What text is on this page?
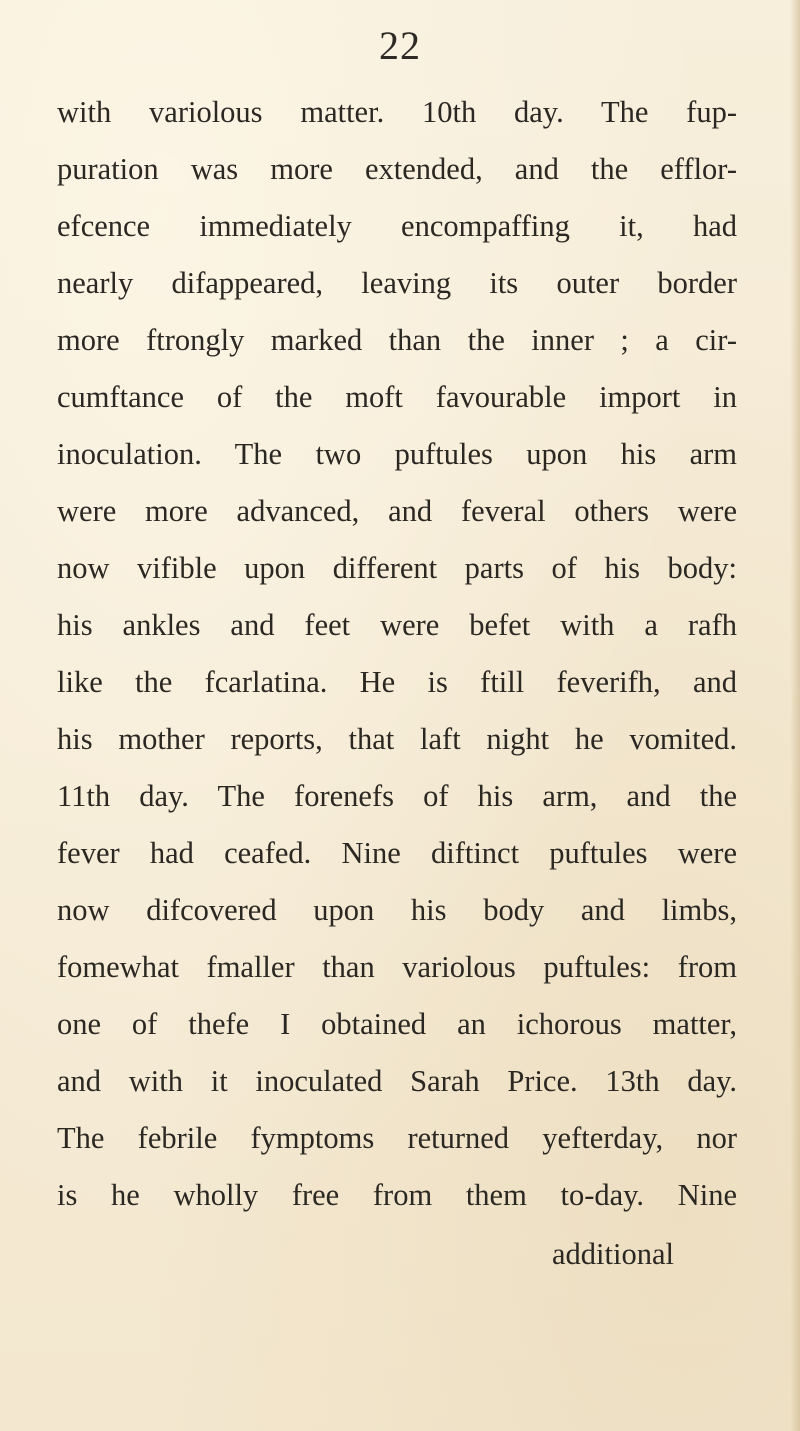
22
with variolous matter. 10th day. The fup-
puration was more extended, and the efflor-
efcence immediately encompaffing it, had
nearly difappeared, leaving its outer border
more ftrongly marked than the inner ; a cir-
cumftance of the moft favourable import in
inoculation. The two puftules upon his arm
were more advanced, and feveral others were
now vifible upon different parts of his body:
his ankles and feet were befet with a rafh
like the fcarlatina. He is ftill feverifh, and
his mother reports, that laft night he vomited.
11th day. The forenefs of his arm, and the
fever had ceafed. Nine diftinct puftules were
now difcovered upon his body and limbs,
fomewhat fmaller than variolous puftules: from
one of thefe I obtained an ichorous matter,
and with it inoculated Sarah Price. 13th day.
The febrile fymptoms returned yefterday, nor
is he wholly free from them to-day. Nine
additional
